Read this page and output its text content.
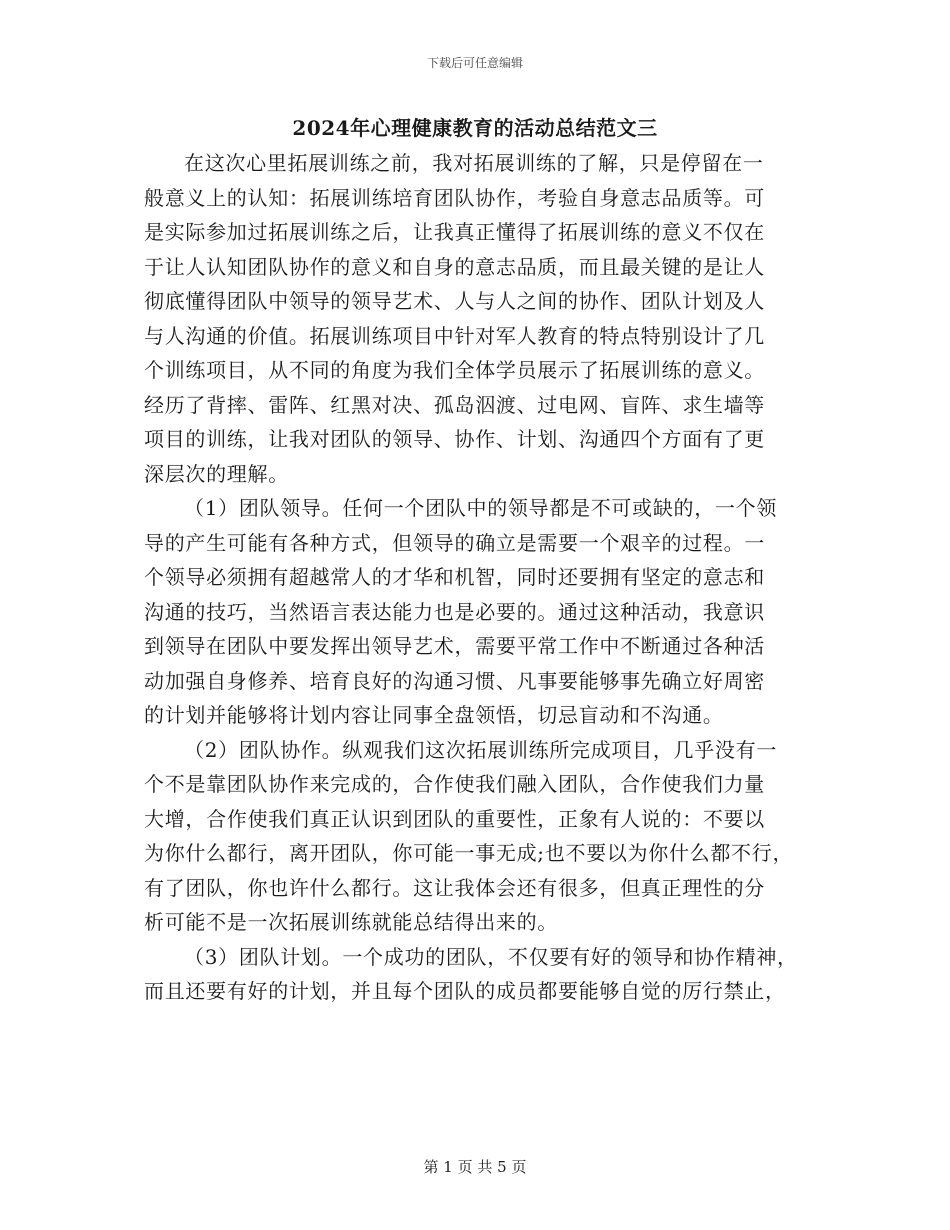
下载后可任意编辑
2024年心理健康教育的活动总结范文三
在这次心里拓展训练之前，我对拓展训练的了解，只是停留在一
般意义上的认知：拓展训练培育团队协作，考验自身意志品质等。可
是实际参加过拓展训练之后，让我真正懂得了拓展训练的意义不仅在
于让人认知团队协作的意义和自身的意志品质，而且最关键的是让人
彻底懂得团队中领导的领导艺术、人与人之间的协作、团队计划及人
与人沟通的价值。拓展训练项目中针对军人教育的特点特别设计了几
个训练项目，从不同的角度为我们全体学员展示了拓展训练的意义。
经历了背摔、雷阵、红黑对决、孤岛泅渡、过电网、盲阵、求生墙等
项目的训练，让我对团队的领导、协作、计划、沟通四个方面有了更
深层次的理解。
（1）团队领导。任何一个团队中的领导都是不可或缺的，一个领
导的产生可能有各种方式，但领导的确立是需要一个艰辛的过程。一
个领导必须拥有超越常人的才华和机智，同时还要拥有坚定的意志和
沟通的技巧，当然语言表达能力也是必要的。通过这种活动，我意识
到领导在团队中要发挥出领导艺术，需要平常工作中不断通过各种活
动加强自身修养、培育良好的沟通习惯、凡事要能够事先确立好周密
的计划并能够将计划内容让同事全盘领悟，切忌盲动和不沟通。
（2）团队协作。纵观我们这次拓展训练所完成项目，几乎没有一
个不是靠团队协作来完成的，合作使我们融入团队，合作使我们力量
大增，合作使我们真正认识到团队的重要性，正象有人说的：不要以
为你什么都行，离开团队，你可能一事无成;也不要以为你什么都不行，
有了团队，你也许什么都行。这让我体会还有很多，但真正理性的分
析可能不是一次拓展训练就能总结得出来的。
（3）团队计划。一个成功的团队，不仅要有好的领导和协作精神，
而且还要有好的计划，并且每个团队的成员都要能够自觉的厉行禁止，
第 1 页 共 5 页
